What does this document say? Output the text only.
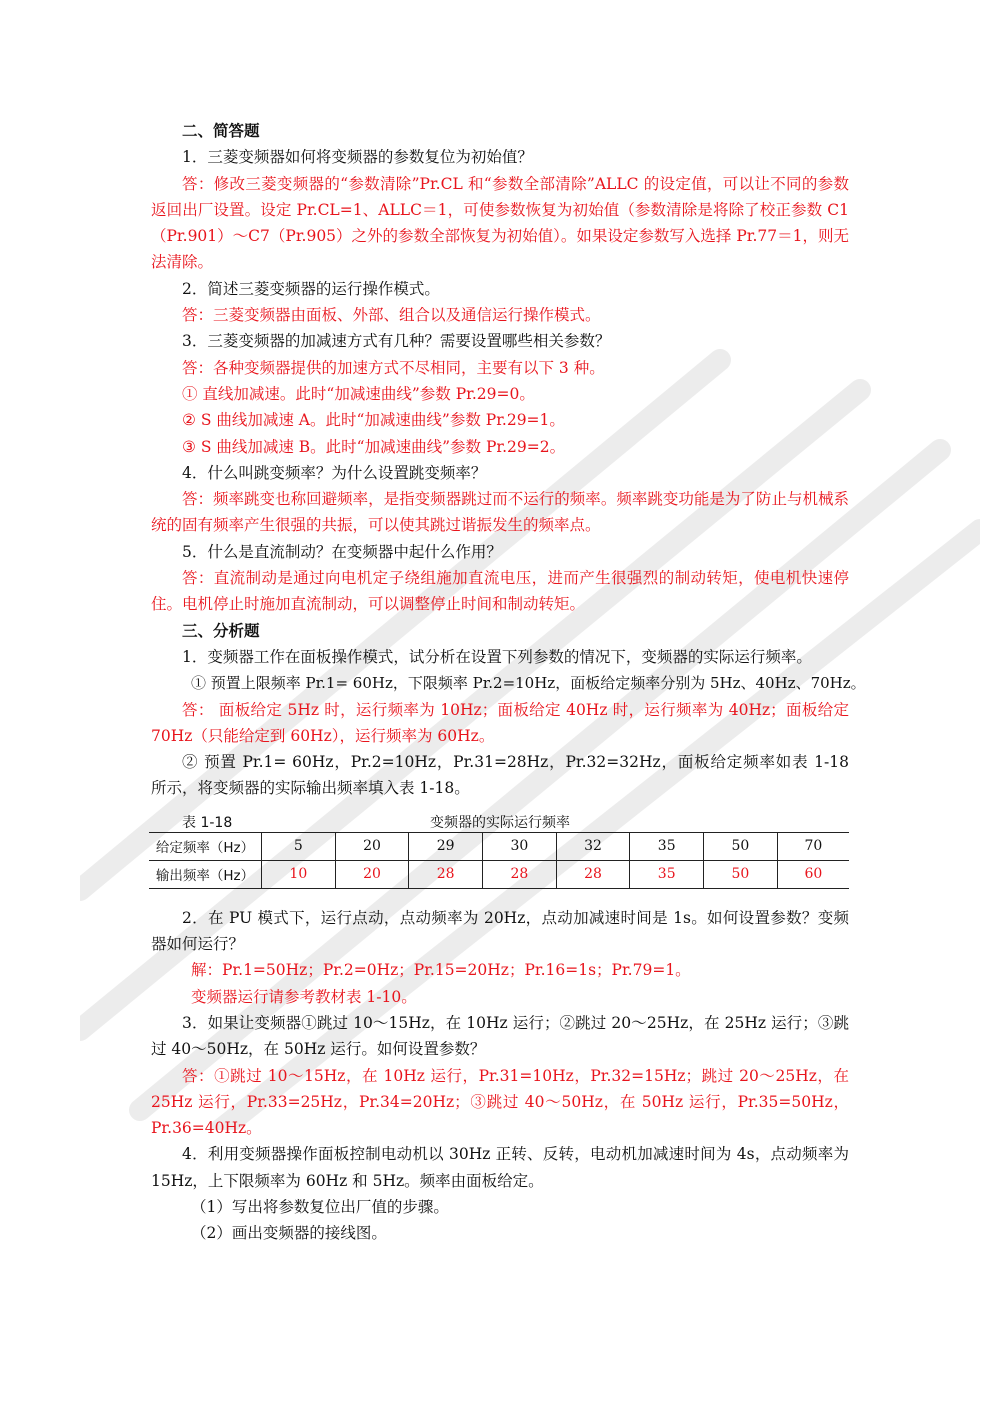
二、简答题
1．三菱变频器如何将变频器的参数复位为初始值？
答：修改三菱变频器的“参数清除”Pr.CL 和“参数全部清除”ALLC 的设定值，可以让不同的参数返回出厂设置。设定 Pr.CL=1、ALLC＝1，可使参数恢复为初始值（参数清除是将除了校正参数 C1（Pr.901）～C7（Pr.905）之外的参数全部恢复为初始值）。如果设定参数写入选择 Pr.77＝1，则无法清除。
2．简述三菱变频器的运行操作模式。
答：三菱变频器由面板、外部、组合以及通信运行操作模式。
3．三菱变频器的加减速方式有几种？需要设置哪些相关参数？
答：各种变频器提供的加速方式不尽相同，主要有以下 3 种。
① 直线加减速。此时“加减速曲线”参数 Pr.29=0。
② S 曲线加减速 A。此时“加减速曲线”参数 Pr.29=1。
③ S 曲线加减速 B。此时“加减速曲线”参数 Pr.29=2。
4．什么叫跳变频率？为什么设置跳变频率？
答：频率跳变也称回避频率，是指变频器跳过而不运行的频率。频率跳变功能是为了防止与机械系统的固有频率产生很强的共振，可以使其跳过谐振发生的频率点。
5．什么是直流制动？在变频器中起什么作用？
答：直流制动是通过向电机定子绕组施加直流电压，进而产生很强烈的制动转矩，使电机快速停住。电机停止时施加直流制动，可以调整停止时间和制动转矩。
三、分析题
1．变频器工作在面板操作模式，试分析在设置下列参数的情况下，变频器的实际运行频率。
① 预置上限频率 Pr.1= 60Hz，下限频率 Pr.2=10Hz，面板给定频率分别为 5Hz、40Hz、70Hz。
答： 面板给定 5Hz 时，运行频率为 10Hz；面板给定 40Hz 时，运行频率为 40Hz；面板给定 70Hz（只能给定到 60Hz），运行频率为 60Hz。
② 预置 Pr.1= 60Hz，Pr.2=10Hz，Pr.31=28Hz，Pr.32=32Hz，面板给定频率如表 1-18 所示，将变频器的实际输出频率填入表 1-18。
表 1-18	变频器的实际运行频率
给定频率（Hz）	5	20	29	30	32	35	50	70
输出频率（Hz）	10	20	28	28	28	35	50	60
2．在 PU 模式下，运行点动，点动频率为 20Hz，点动加减速时间是 1s。如何设置参数？变频器如何运行？
解：Pr.1=50Hz；Pr.2=0Hz；Pr.15=20Hz；Pr.16=1s；Pr.79=1。
变频器运行请参考教材表 1-10。
3．如果让变频器①跳过 10～15Hz，在 10Hz 运行；②跳过 20～25Hz，在 25Hz 运行；③跳过 40～50Hz，在 50Hz 运行。如何设置参数？
答：①跳过 10～15Hz，在 10Hz 运行，Pr.31=10Hz，Pr.32=15Hz；跳过 20～25Hz，在 25Hz 运行，Pr.33=25Hz，Pr.34=20Hz；③跳过 40～50Hz，在 50Hz 运行，Pr.35=50Hz，Pr.36=40Hz。
4．利用变频器操作面板控制电动机以 30Hz 正转、反转，电动机加减速时间为 4s，点动频率为 15Hz，上下限频率为 60Hz 和 5Hz。频率由面板给定。
（1）写出将参数复位出厂值的步骤。
（2）画出变频器的接线图。
